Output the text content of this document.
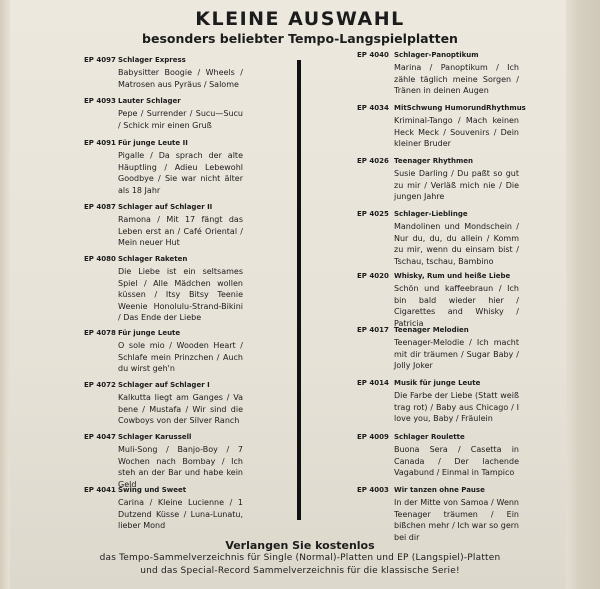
KLEINE AUSWAHL
besonders beliebter Tempo-Langspielplatten
EP 4097 Schlager Express
Babysitter Boogie / Wheels / Matrosen aus Pyräus / Salome
EP 4093 Lauter Schlager
Pepe / Surrender / Sucu—Sucu / Schick mir einen Gruß
EP 4091 Für junge Leute II
Pigalle / Da sprach der alte Häuptling / Adieu Lebewohl Goodbye / Sie war nicht älter als 18 Jahr
EP 4087 Schlager auf Schlager II
Ramona / Mit 17 fängt das Leben erst an / Café Oriental / Mein neuer Hut
EP 4080 Schlager Raketen
Die Liebe ist ein seltsames Spiel / Alle Mädchen wollen küssen / Itsy Bitsy Teenie Weenie Honolulu-Strand-Bikini / Das Ende der Liebe
EP 4078 Für junge Leute
O sole mio / Wooden Heart / Schlafe mein Prinzchen / Auch du wirst geh'n
EP 4072 Schlager auf Schlager I
Kalkutta liegt am Ganges / Va bene / Mustafa / Wir sind die Cowboys von der Silver Ranch
EP 4047 Schlager Karussell
Muli-Song / Banjo-Boy / 7 Wochen nach Bombay / Ich steh an der Bar und habe kein Geld
EP 4041 Swing und Sweet
Carina / Kleine Lucienne / 1 Dutzend Küsse / Luna-Lunatu, lieber Mond
EP 4040 Schlager-Panoptikum
Marina / Panoptikum / Ich zähle täglich meine Sorgen / Tränen in deinen Augen
EP 4034 MitSchwung HumorundRhythmus
Kriminal-Tango / Mach keinen Heck Meck / Souvenirs / Dein kleiner Bruder
EP 4026 Teenager Rhythmen
Susie Darling / Du paßt so gut zu mir / Verläß mich nie / Die jungen Jahre
EP 4025 Schlager-Lieblinge
Mandolinen und Mondschein / Nur du, du, du allein / Komm zu mir, wenn du einsam bist / Tschau, tschau, Bambino
EP 4020 Whisky, Rum und heiße Liebe
Schön und kaffeebraun / Ich bin bald wieder hier / Cigarettes and Whisky / Patricia
EP 4017 Teenager Melodien
Teenager-Melodie / Ich macht mit dir träumen / Sugar Baby / Jolly Joker
EP 4014 Musik für junge Leute
Die Farbe der Liebe (Statt weiß trag rot) / Baby aus Chicago / I love you, Baby / Fräulein
EP 4009 Schlager Roulette
Buona Sera / Casetta in Canada / Der lachende Vagabund / Einmal in Tampico
EP 4003 Wir tanzen ohne Pause
In der Mitte von Samoa / Wenn Teenager träumen / Ein bißchen mehr / Ich war so gern bei dir
Verlangen Sie kostenlos
das Tempo-Sammelverzeichnis für Single (Normal)-Platten und EP (Langspiel)-Platten
und das Special-Record Sammelverzeichnis für die klassische Serie!
